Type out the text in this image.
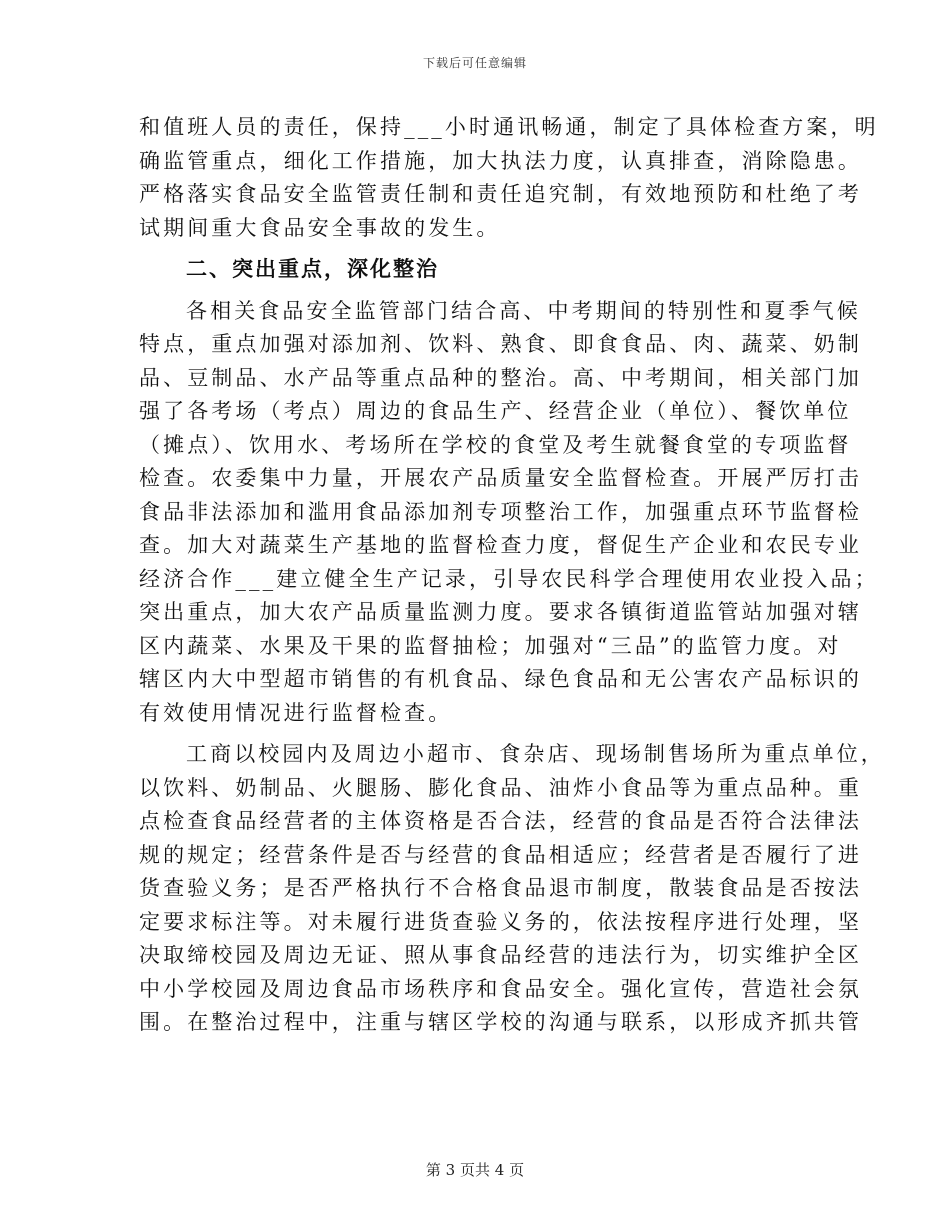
下载后可任意编辑
和值班人员的责任，保持___小时通讯畅通，制定了具体检查方案，明
确监管重点，细化工作措施，加大执法力度，认真排查，消除隐患。
严格落实食品安全监管责任制和责任追究制，有效地预防和杜绝了考
试期间重大食品安全事故的发生。
二、突出重点，深化整治
各相关食品安全监管部门结合高、中考期间的特别性和夏季气候
特点，重点加强对添加剂、饮料、熟食、即食食品、肉、蔬菜、奶制
品、豆制品、水产品等重点品种的整治。高、中考期间，相关部门加
强了各考场（考点）周边的食品生产、经营企业（单位）、餐饮单位
（摊点）、饮用水、考场所在学校的食堂及考生就餐食堂的专项监督
检查。农委集中力量，开展农产品质量安全监督检查。开展严厉打击
食品非法添加和滥用食品添加剂专项整治工作，加强重点环节监督检
查。加大对蔬菜生产基地的监督检查力度，督促生产企业和农民专业
经济合作___建立健全生产记录，引导农民科学合理使用农业投入品；
突出重点，加大农产品质量监测力度。要求各镇街道监管站加强对辖
区内蔬菜、水果及干果的监督抽检；加强对“三品”的监管力度。对
辖区内大中型超市销售的有机食品、绿色食品和无公害农产品标识的
有效使用情况进行监督检查。
工商以校园内及周边小超市、食杂店、现场制售场所为重点单位，
以饮料、奶制品、火腿肠、膨化食品、油炸小食品等为重点品种。重
点检查食品经营者的主体资格是否合法，经营的食品是否符合法律法
规的规定；经营条件是否与经营的食品相适应；经营者是否履行了进
货查验义务；是否严格执行不合格食品退市制度，散装食品是否按法
定要求标注等。对未履行进货查验义务的，依法按程序进行处理，坚
决取缔校园及周边无证、照从事食品经营的违法行为，切实维护全区
中小学校园及周边食品市场秩序和食品安全。强化宣传，营造社会氛
围。在整治过程中，注重与辖区学校的沟通与联系，以形成齐抓共管
第 3 页共 4 页
